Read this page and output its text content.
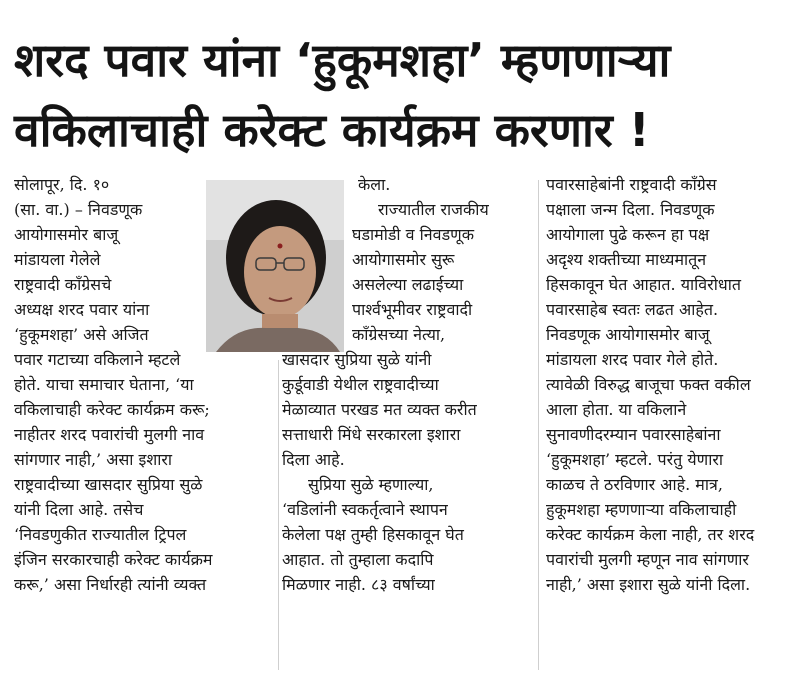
शरद पवार यांना ‘हुकूमशहा’ म्हणणाऱ्या
वकिलाचाही करेक्ट कार्यक्रम करणार !
सोलापूर, दि. १०
(सा. वा.) – निवडणूक
आयोगासमोर बाजू
मांडायला गेलेले
राष्ट्रवादी काँग्रेसचे
अध्यक्ष शरद पवार यांना
‘हुकूमशहा’ असे अजित
पवार गटाच्या वकिलाने म्हटले
होते. याचा समाचार घेताना, ‘या
वकिलाचाही करेक्ट कार्यक्रम करू;
नाहीतर शरद पवारांची मुलगी नाव
सांगणार नाही,’ असा इशारा
राष्ट्रवादीच्या खासदार सुप्रिया सुळे
यांनी दिला आहे. तसेच
‘निवडणुकीत राज्यातील ट्रिपल
इंजिन सरकारचाही करेक्ट कार्यक्रम
करू,’ असा निर्धारही त्यांनी व्यक्त
केला.
राज्यातील राजकीय
घडामोडी व निवडणूक
आयोगासमोर सुरू
असलेल्या लढाईच्या
पार्श्वभूमीवर राष्ट्रवादी
काँग्रेसच्या नेत्या,
खासदार सुप्रिया सुळे यांनी
कुर्डूवाडी येथील राष्ट्रवादीच्या
मेळाव्यात परखड मत व्यक्त करीत
सत्ताधारी मिंधे सरकारला इशारा
दिला आहे.
सुप्रिया सुळे म्हणाल्या,
‘वडिलांनी स्वकर्तृत्वाने स्थापन
केलेला पक्ष तुम्ही हिसकावून घेत
आहात. तो तुम्हाला कदापि
मिळणार नाही. ८३ वर्षांच्या
पवारसाहेबांनी राष्ट्रवादी काँग्रेस
पक्षाला जन्म दिला. निवडणूक
आयोगाला पुढे करून हा पक्ष
अदृश्य शक्तीच्या माध्यमातून
हिसकावून घेत आहात. याविरोधात
पवारसाहेब स्वतः लढत आहेत.
निवडणूक आयोगासमोर बाजू
मांडायला शरद पवार गेले होते.
त्यावेळी विरुद्ध बाजूचा फक्त वकील
आला होता. या वकिलाने
सुनावणीदरम्यान पवारसाहेबांना
‘हुकूमशहा’ म्हटले. परंतु येणारा
काळच ते ठरविणार आहे. मात्र,
हुकूमशहा म्हणणाऱ्या वकिलाचाही
करेक्ट कार्यक्रम केला नाही, तर शरद
पवारांची मुलगी म्हणून नाव सांगणार
नाही,’ असा इशारा सुळे यांनी दिला.
